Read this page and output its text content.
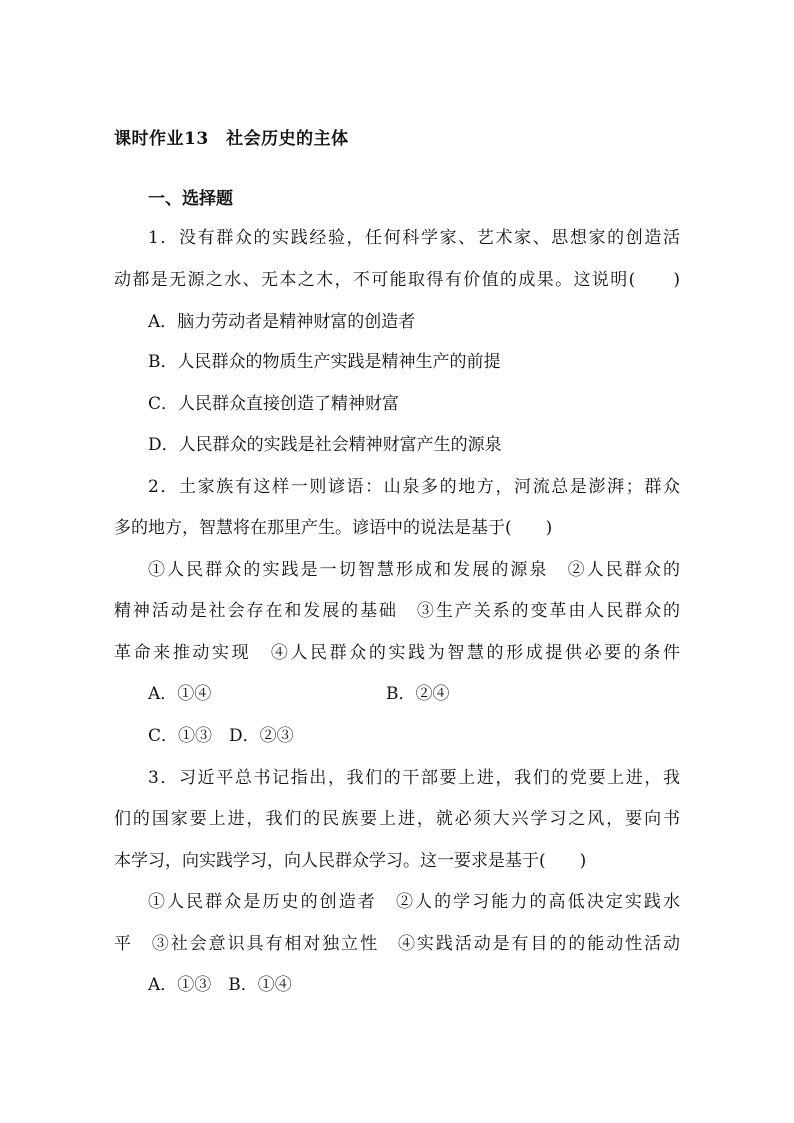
课时作业13　社会历史的主体
一、选择题
1．没有群众的实践经验，任何科学家、艺术家、思想家的创造活
动都是无源之水、无本之木，不可能取得有价值的成果。这说明(　　)
A．脑力劳动者是精神财富的创造者
B．人民群众的物质生产实践是精神生产的前提
C．人民群众直接创造了精神财富
D．人民群众的实践是社会精神财富产生的源泉
2．土家族有这样一则谚语：山泉多的地方，河流总是澎湃；群众
多的地方，智慧将在那里产生。谚语中的说法是基于(　　)
①人民群众的实践是一切智慧形成和发展的源泉　②人民群众的
精神活动是社会存在和发展的基础　③生产关系的变革由人民群众的
革命来推动实现　④人民群众的实践为智慧的形成提供必要的条件
A．①④	B．②④
C．①③　D．②③
3．习近平总书记指出，我们的干部要上进，我们的党要上进，我
们的国家要上进，我们的民族要上进，就必须大兴学习之风，要向书
本学习，向实践学习，向人民群众学习。这一要求是基于(　　)
①人民群众是历史的创造者　②人的学习能力的高低决定实践水
平　③社会意识具有相对独立性　④实践活动是有目的的能动性活动
A．①③　B．①④
